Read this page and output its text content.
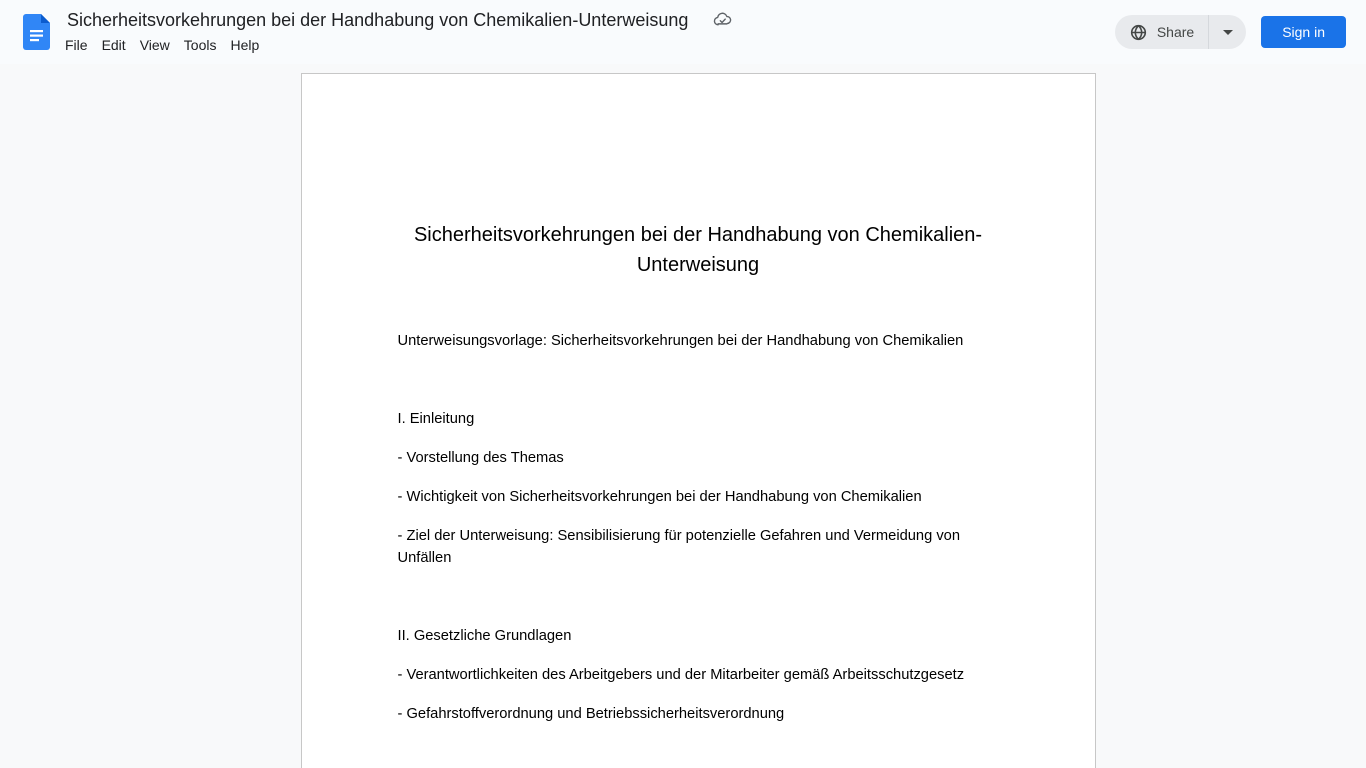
Sicherheitsvorkehrungen bei der Handhabung von Chemikalien-Unterweisung
File	Edit	View	Tools	Help
Share	Sign in
Sicherheitsvorkehrungen bei der Handhabung von Chemikalien-Unterweisung
Unterweisungsvorlage: Sicherheitsvorkehrungen bei der Handhabung von Chemikalien
I. Einleitung
- Vorstellung des Themas
- Wichtigkeit von Sicherheitsvorkehrungen bei der Handhabung von Chemikalien
- Ziel der Unterweisung: Sensibilisierung für potenzielle Gefahren und Vermeidung von Unfällen
II. Gesetzliche Grundlagen
- Verantwortlichkeiten des Arbeitgebers und der Mitarbeiter gemäß Arbeitsschutzgesetz
- Gefahrstoffverordnung und Betriebssicherheitsverordnung
